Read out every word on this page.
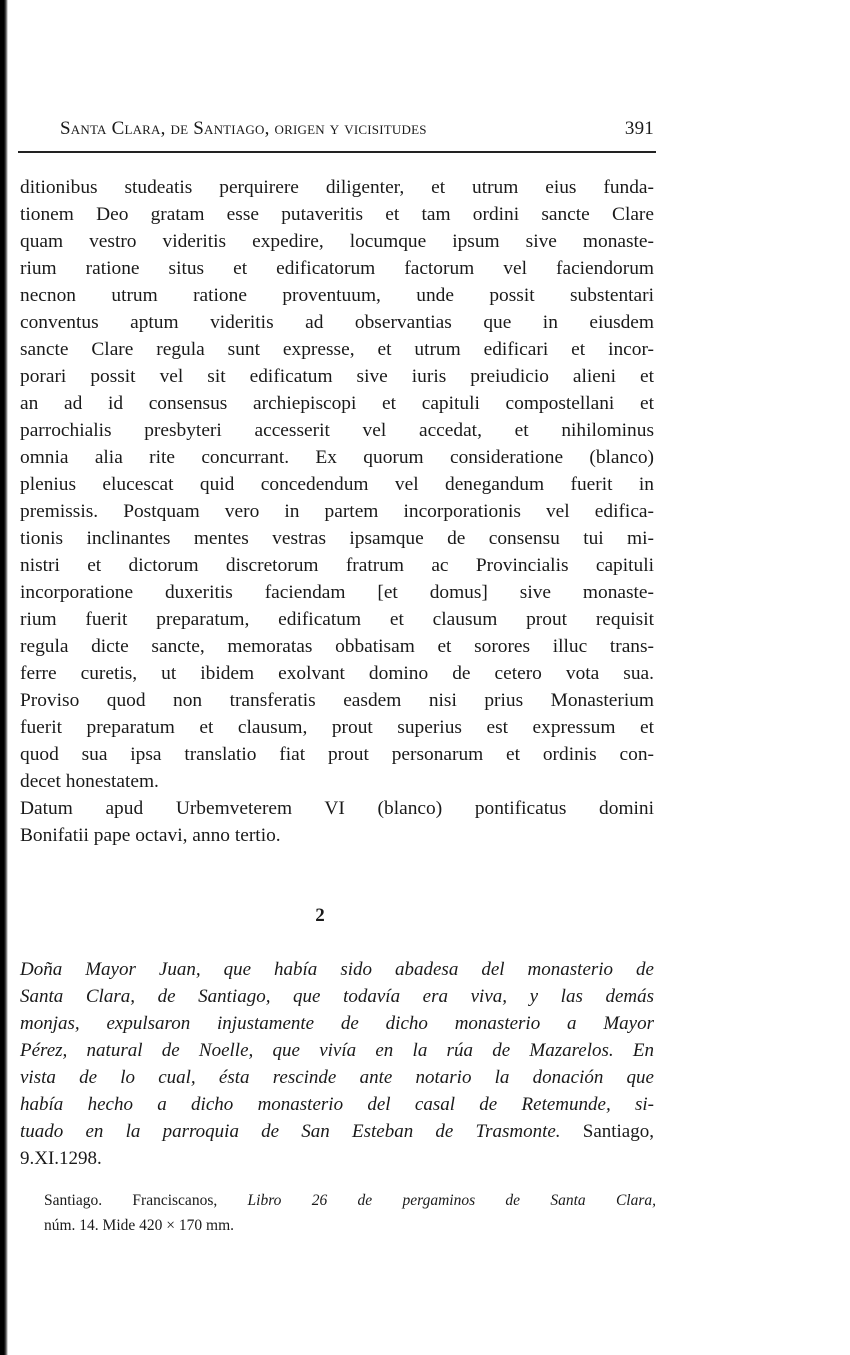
Santa Clara, de Santiago, origen y vicisitudes	391
ditionibus studeatis perquirere diligenter, et utrum eius funda-
tionem Deo gratam esse putaveritis et tam ordini sancte Clare
quam vestro videritis expedire, locumque ipsum sive monaste-
rium ratione situs et edificatorum factorum vel faciendorum
necnon utrum ratione proventuum, unde possit substentari
conventus aptum videritis ad observantias que in eiusdem
sancte Clare regula sunt expresse, et utrum edificari et incor-
porari possit vel sit edificatum sive iuris preiudicio alieni et
an ad id consensus archiepiscopi et capituli compostellani et
parrochialis presbyteri accesserit vel accedat, et nihilominus
omnia alia rite concurrant. Ex quorum consideratione (blanco)
plenius elucescat quid concedendum vel denegandum fuerit in
premissis. Postquam vero in partem incorporationis vel edifica-
tionis inclinantes mentes vestras ipsamque de consensu tui mi-
nistri et dictorum discretorum fratrum ac Provincialis capituli
incorporatione duxeritis faciendam [et domus] sive monaste-
rium fuerit preparatum, edificatum et clausum prout requisit
regula dicte sancte, memoratas obbatisam et sorores illuc trans-
ferre curetis, ut ibidem exolvant domino de cetero vota sua.
Proviso quod non transferatis easdem nisi prius Monasterium
fuerit preparatum et clausum, prout superius est expressum et
quod sua ipsa translatio fiat prout personarum et ordinis con-
decet honestatem.
Datum apud Urbemveterem VI (blanco) pontificatus domini
Bonifatii pape octavi, anno tertio.
2
Doña Mayor Juan, que había sido abadesa del monasterio de
Santa Clara, de Santiago, que todavía era viva, y las demás
monjas, expulsaron injustamente de dicho monasterio a Mayor
Pérez, natural de Noelle, que vivía en la rúa de Mazarelos. En
vista de lo cual, ésta rescinde ante notario la donación que
había hecho a dicho monasterio del casal de Retemunde, si-
tuado en la parroquia de San Esteban de Trasmonte. Santiago,
9.XI.1298.
Santiago. Franciscanos, Libro 26 de pergaminos de Santa Clara,
núm. 14. Mide 420 × 170 mm.
